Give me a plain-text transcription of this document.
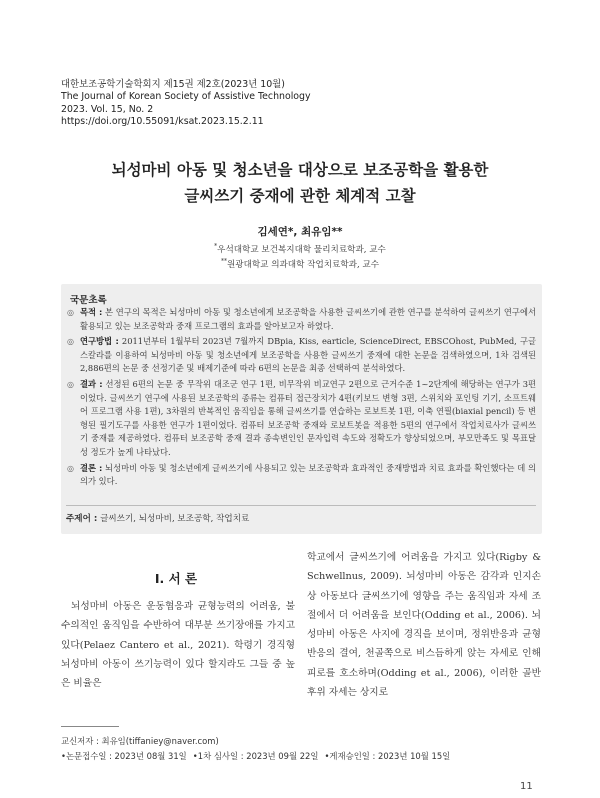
대한보조공학기술학회지 제15권 제2호(2023년 10월)
The Journal of Korean Society of Assistive Technology
2023. Vol. 15, No. 2
https://doi.org/10.55091/ksat.2023.15.2.11
뇌성마비 아동 및 청소년을 대상으로 보조공학을 활용한
글씨쓰기 중재에 관한 체계적 고찰
김세연*, 최유임**
*우석대학교 보건복지대학 물리치료학과, 교수
**원광대학교 의과대학 작업치료학과, 교수
국문초록
◎ 목적 : 본 연구의 목적은 뇌성마비 아동 및 청소년에게 보조공학을 사용한 글씨쓰기에 관한 연구를 분석하여 글씨쓰기 연구에서 활용되고 있는 보조공학과 중재 프로그램의 효과를 알아보고자 하였다.
◎ 연구방법 : 2011년부터 1월부터 2023년 7월까지 DBpia, Kiss, earticle, ScienceDirect, EBSCOhost, PubMed, 구글 스칼라를 이용하여 뇌성마비 아동 및 청소년에게 보조공학을 사용한 글씨쓰기 중재에 대한 논문을 검색하였으며, 1차 검색된 2,886편의 논문 중 선정기준 및 배제기준에 따라 6편의 논문을 최종 선택하여 분석하였다.
◎ 결과 : 선정된 6편의 논문 중 무작위 대조군 연구 1편, 비무작위 비교연구 2편으로 근거수준 1~2단계에 해당하는 연구가 3편이었다. 글씨쓰기 연구에 사용된 보조공학의 종류는 컴퓨터 접근장치가 4편(키보드 변형 3편, 스위치와 포인팅 기기, 소프트웨어 프로그램 사용 1편), 3차원의 반복적인 움직임을 통해 글씨쓰기를 연습하는 로보트봇 1편, 이축 연필(biaxial pencil) 등 변형된 필기도구를 사용한 연구가 1편이었다. 컴퓨터 보조공학 중재와 로보트봇을 적용한 5편의 연구에서 작업치료사가 글씨쓰기 중재를 제공하였다. 컴퓨터 보조공학 중재 결과 종속변인인 문자입력 속도와 정확도가 향상되었으며, 부모만족도 및 목표달성 정도가 높게 나타났다.
◎ 결론 : 뇌성마비 아동 및 청소년에게 글씨쓰기에 사용되고 있는 보조공학과 효과적인 중재방법과 치료 효과를 확인했다는 데 의의가 있다.
주제어 : 글씨쓰기, 뇌성마비, 보조공학, 작업치료
Ⅰ. 서 론
뇌성마비 아동은 운동협응과 균형능력의 어려움, 불수의적인 움직임을 수반하여 대부분 쓰기장애를 가지고 있다(Pelaez Cantero et al., 2021). 학령기 경직형 뇌성마비 아동이 쓰기능력이 있다 할지라도 그들 중 높은 비율은
학교에서 글씨쓰기에 어려움을 가지고 있다(Rigby & Schwellnus, 2009). 뇌성마비 아동은 감각과 인지손상 아동보다 글씨쓰기에 영향을 주는 움직임과 자세 조절에서 더 어려움을 보인다(Odding et al., 2006). 뇌성마비 아동은 사지에 경직을 보이며, 정위반응과 균형반응의 결여, 천골쪽으로 비스듬하게 앉는 자세로 인해 피로를 호소하며(Odding et al., 2006), 이러한 골반 후위 자세는 상지로
교신저자 : 최유임(tiffaniey@naver.com)
•논문접수일 : 2023년 08월 31일 •1차 심사일 : 2023년 09월 22일 •게재승인일 : 2023년 10월 15일
11
